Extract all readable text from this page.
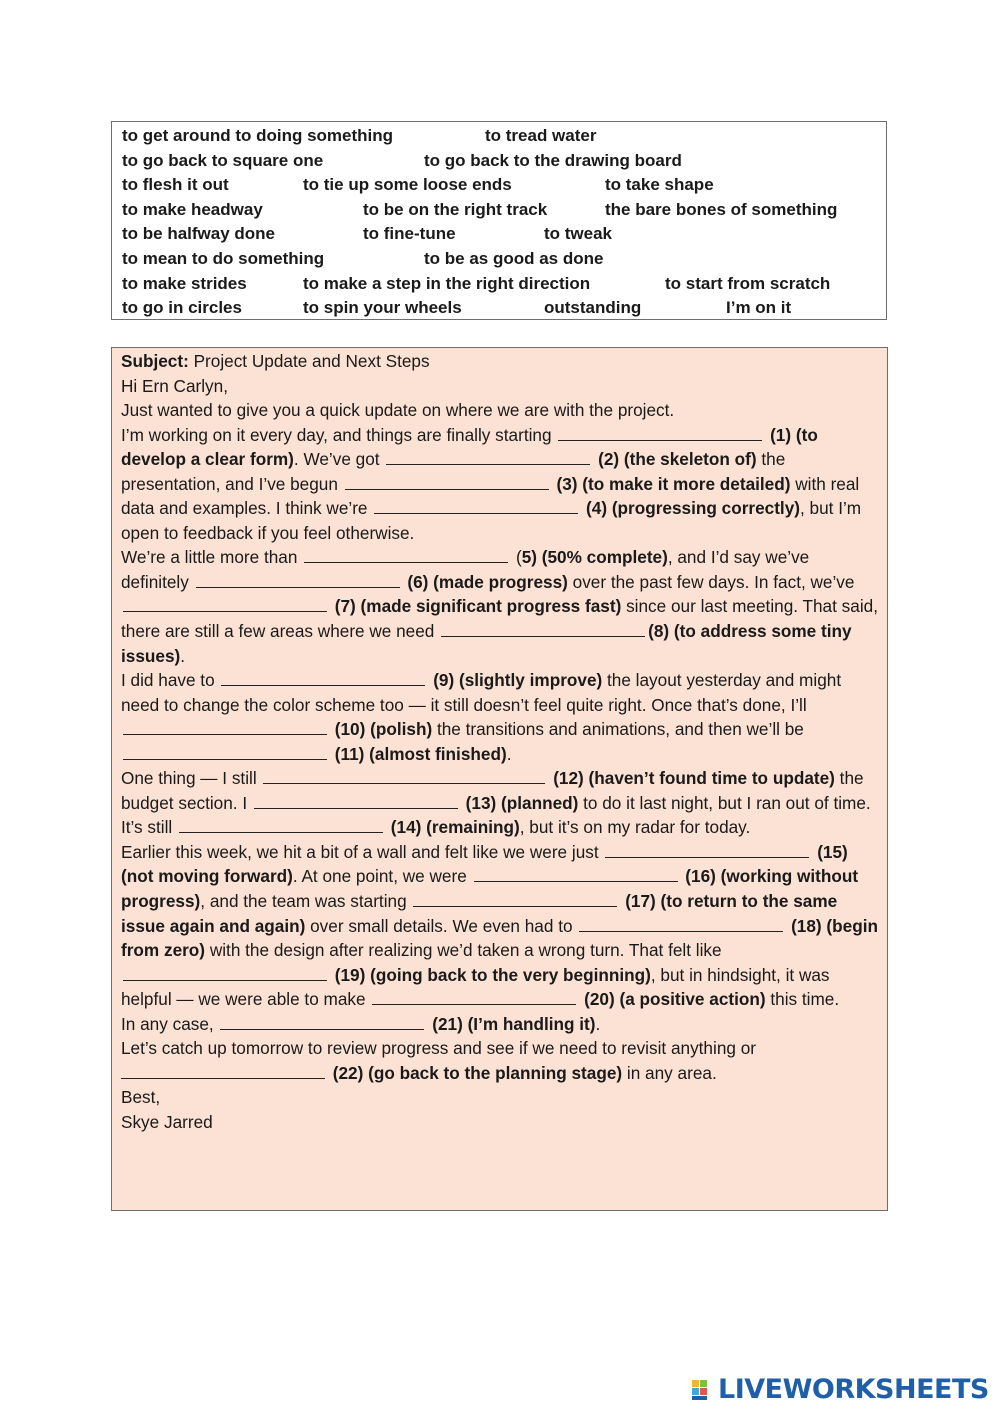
to get around to doing something	to tread water
to go back to square one	to go back to the drawing board
to flesh it out	to tie up some loose ends	to take shape
to make headway	to be on the right track	the bare bones of something
to be halfway done	to fine-tune	to tweak
to mean to do something	to be as good as done
to make strides	to make a step in the right direction	to start from scratch
to go in circles	to spin your wheels	outstanding	I’m on it
Subject: Project Update and Next Steps
Hi Ern Carlyn,
Just wanted to give you a quick update on where we are with the project.
I’m working on it every day, and things are finally starting	(1) (to develop a clear form). We’ve got	(2) (the skeleton of) the presentation, and I’ve begun	(3) (to make it more detailed) with real data and examples. I think we’re	(4) (progressing correctly), but I’m open to feedback if you feel otherwise.
We’re a little more than	(5) (50% complete), and I’d say we’ve definitely	(6) (made progress) over the past few days. In fact, we’ve  (7) (made significant progress fast) since our last meeting. That said, there are still a few areas where we need	(8) (to address some tiny issues).
I did have to	(9) (slightly improve) the layout yesterday and might need to change the color scheme too — it still doesn’t feel quite right. Once that’s done, I’ll  (10) (polish) the transitions and animations, and then we’ll be  (11) (almost finished).
One thing — I still	(12) (haven’t found time to update) the budget section. I	(13) (planned) to do it last night, but I ran out of time. It’s still	(14) (remaining), but it’s on my radar for today.
Earlier this week, we hit a bit of a wall and felt like we were just	(15) (not moving forward). At one point, we were	(16) (working without progress), and the team was starting	(17) (to return to the same issue again and again) over small details. We even had to	(18) (begin from zero) with the design after realizing we’d taken a wrong turn. That felt like  (19) (going back to the very beginning), but in hindsight, it was helpful — we were able to make	(20) (a positive action) this time.
In any case,	(21) (I’m handling it).
Let’s catch up tomorrow to review progress and see if we need to revisit anything or  (22) (go back to the planning stage) in any area.
Best,
Skye Jarred
LIVEWORKSHEETS
